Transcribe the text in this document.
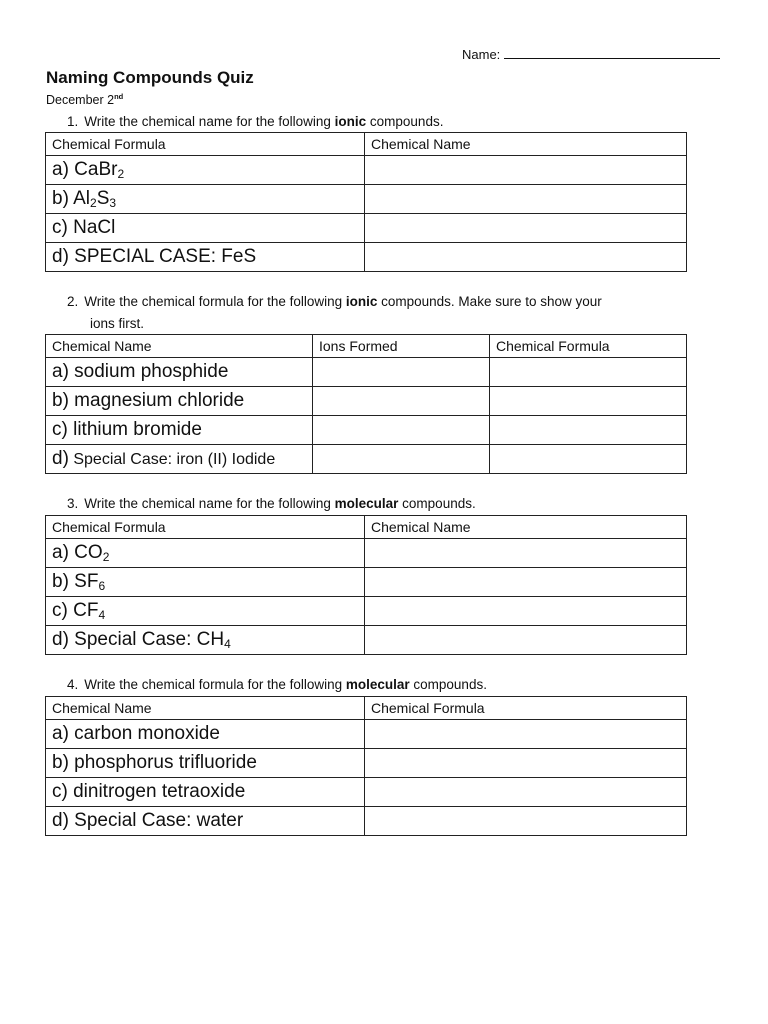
Name:
Naming Compounds Quiz
December 2nd
1. Write the chemical name for the following ionic compounds.
Chemical Formula	Chemical Name
a) CaBr$_2$	
b) $Al_2S_3$	
c) NaCl	
d) SPECIAL CASE: FeS	
2. Write the chemical formula for the following ionic compounds. Make sure to show your
ions first.
Chemical Name	Ions Formed	Chemical Formula
a) sodium phosphide		
b) magnesium chloride		
c) lithium bromide		
d) Special Case: iron (II) Iodide		
3. Write the chemical name for the following molecular compounds.
Chemical Formula	Chemical Name
a) $CO_2$	
b) $SF_6$	
c) $CF_4$	
d) Special Case: $CH_4$	
4. Write the chemical formula for the following molecular compounds.
Chemical Name	Chemical Formula
a) carbon monoxide	
b) phosphorus trifluoride	
c) dinitrogen tetraoxide	
d) Special Case: water	
